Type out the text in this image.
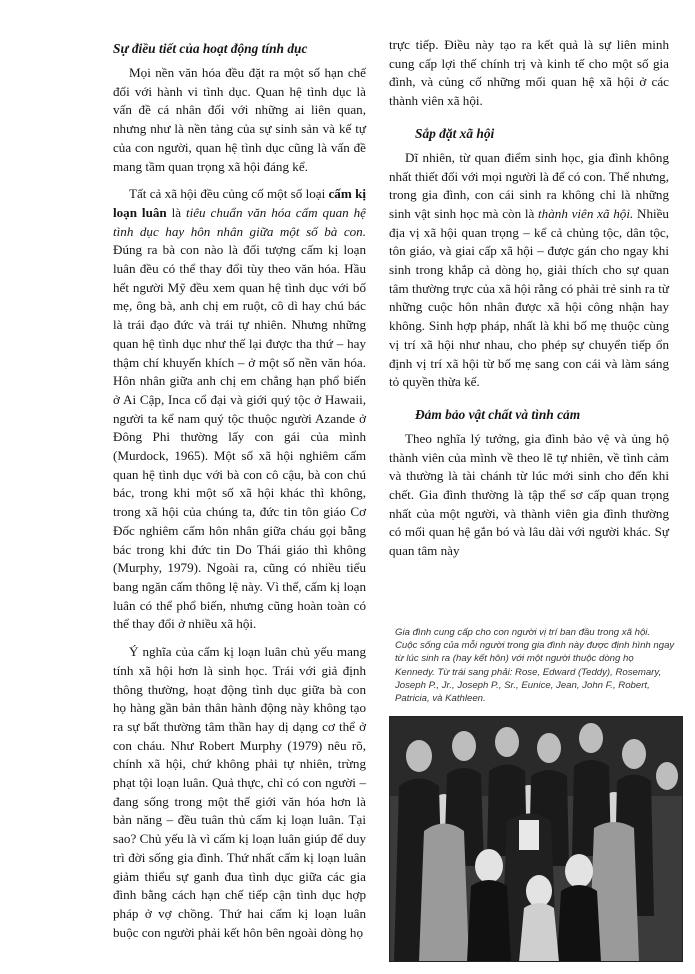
Sự điều tiết của hoạt động tính dục

Mọi nền văn hóa đều đặt ra một số hạn chế đối với hành vi tình dục. Quan hệ tình dục là vấn đề cá nhân đối với những ai liên quan, nhưng như là nền tảng của sự sinh sản và kế tự của con người, quan hệ tình dục cũng là vấn đề mang tầm quan trọng xã hội đáng kể.

Tất cả xã hội đều củng cố một số loại cấm kị loạn luân là tiêu chuẩn văn hóa cấm quan hệ tình dục hay hôn nhân giữa một số bà con. Đúng ra bà con nào là đối tượng cấm kị loạn luân đều có thể thay đổi tùy theo văn hóa. Hầu hết người Mỹ đều xem quan hệ tình dục với bố mẹ, ông bà, anh chị em ruột, cô dì hay chú bác là trái đạo đức và trái tự nhiên. Nhưng những quan hệ tình dục như thế lại được tha thứ – hay thậm chí khuyến khích – ở một số nền văn hóa. Hôn nhân giữa anh chị em chẳng hạn phổ biến ở Ai Cập, Inca cổ đại và giới quý tộc ở Hawaii, người ta kể nam quý tộc thuộc người Azande ở Đông Phi thường lấy con gái của mình (Murdock, 1965). Một số xã hội nghiêm cấm quan hệ tình dục với bà con cô cậu, bà con chú bác, trong khi một số xã hội khác thì không, trong xã hội của chúng ta, đức tin tôn giáo Cơ Đốc nghiêm cấm hôn nhân giữa cháu gọi bằng bác trong khi đức tin Do Thái giáo thì không (Murphy, 1979). Ngoài ra, cũng có nhiều tiểu bang ngăn cấm thông lệ này. Vì thế, cấm kị loạn luân có thể phổ biến, nhưng cũng hoàn toàn có thể thay đổi ở nhiều xã hội.

Ý nghĩa của cấm kị loạn luân chủ yếu mang tính xã hội hơn là sinh học. Trái với giả định thông thường, hoạt động tình dục giữa bà con họ hàng gần bản thân hành động này không tạo ra sự bất thường tâm thần hay dị dạng cơ thể ở con cháu. Như Robert Murphy (1979) nêu rõ, chính xã hội, chứ không phải tự nhiên, trừng phạt tội loạn luân. Quả thực, chỉ có con người – đang sống trong một thế giới văn hóa hơn là bản năng – đều tuân thủ cấm kị loạn luân. Tại sao? Chủ yếu là vì cấm kị loạn luân giúp để duy trì đời sống gia đình. Thứ nhất cấm kị loạn luân giảm thiểu sự ganh đua tình dục giữa các gia đình bằng cách hạn chế tiếp cận tình dục hợp pháp ở vợ chồng. Thứ hai cấm kị loạn luân buộc con người phải kết hôn bên ngoài dòng họ

trực tiếp. Điều này tạo ra kết quả là sự liên minh cung cấp lợi thế chính trị và kinh tế cho một số gia đình, và củng cố những mối quan hệ xã hội ở các thành viên xã hội.

Sắp đặt xã hội

Dĩ nhiên, từ quan điểm sinh học, gia đình không nhất thiết đối với mọi người là để có con. Thế nhưng, trong gia đình, con cái sinh ra không chỉ là những sinh vật sinh học mà còn là thành viên xã hội. Nhiều địa vị xã hội quan trọng – kể cả chủng tộc, dân tộc, tôn giáo, và giai cấp xã hội – được gán cho ngay khi sinh trong khắp cả dòng họ, giải thích cho sự quan tâm thường trực của xã hội rằng có phải trẻ sinh ra từ những cuộc hôn nhân được xã hội công nhận hay không. Sinh hợp pháp, nhất là khi bố mẹ thuộc cùng vị trí xã hội như nhau, cho phép sự chuyển tiếp ổn định vị trí xã hội từ bố mẹ sang con cái và làm sáng tỏ quyền thừa kế.

Đảm bảo vật chất và tình cảm

Theo nghĩa lý tưởng, gia đình bảo vệ và ủng hộ thành viên của mình về theo lẽ tự nhiên, về tình cảm và thường là tài chánh từ lúc mới sinh cho đến khi chết. Gia đình thường là tập thể sơ cấp quan trọng nhất của một người, và thành viên gia đình thường có mối quan hệ gắn bó và lâu dài với người khác. Sự quan tâm này

Gia đình cung cấp cho con người vị trí ban đầu trong xã hội. Cuộc sống của mỗi người trong gia đình này được định hình ngay từ lúc sinh ra (hay kết hôn) với một người thuộc dòng họ Kennedy. Từ trái sang phải: Rose, Edward (Teddy), Rosemary, Joseph P., Jr., Joseph P., Sr., Eunice, Jean, John F., Robert, Patricia, và Kathleen.
